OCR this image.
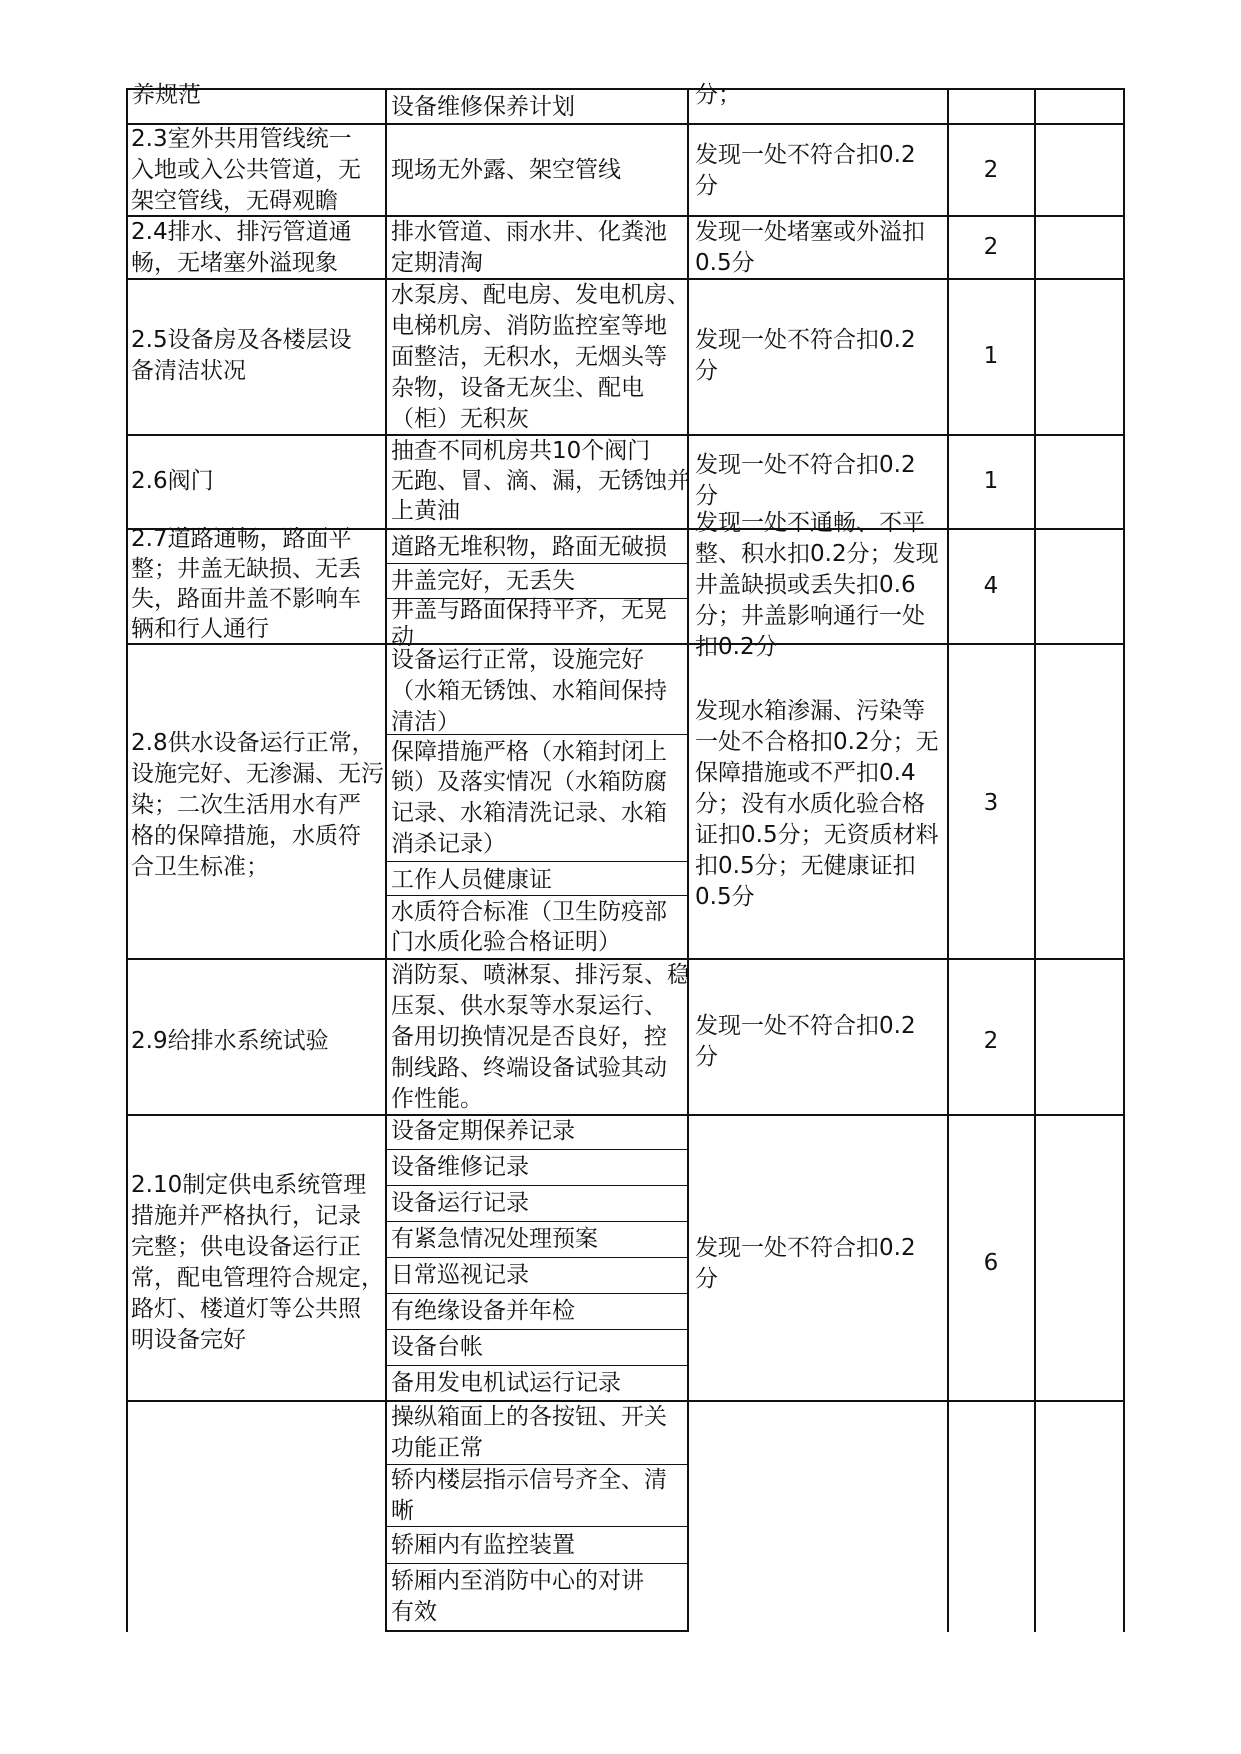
养规范	设备维修保养计划	分；
2.3室外共用管线统一
入地或入公共管道，无
架空管线，无碍观瞻
现场无外露、架空管线
发现一处不符合扣0.2
分
2
2.4排水、排污管道通
畅，无堵塞外溢现象
排水管道、雨水井、化粪池
定期清淘
发现一处堵塞或外溢扣
0.5分
2
2.5设备房及各楼层设
备清洁状况
水泵房、配电房、发电机房、
电梯机房、消防监控室等地
面整洁，无积水，无烟头等
杂物，设备无灰尘、配电
（柜）无积灰
发现一处不符合扣0.2
分
1
2.6阀门
抽查不同机房共10个阀门
无跑、冒、滴、漏，无锈蚀并
上黄油
发现一处不符合扣0.2
分
1
2.7道路通畅，路面平
整；井盖无缺损、无丢
失，路面井盖不影响车
辆和行人通行
道路无堆积物，路面无破损
井盖完好，无丢失
井盖与路面保持平齐，无晃
动
发现一处不通畅、不平
整、积水扣0.2分；发现
井盖缺损或丢失扣0.6
分；井盖影响通行一处
扣0.2分
4
2.8供水设备运行正常，
设施完好、无渗漏、无污
染；二次生活用水有严
格的保障措施，水质符
合卫生标准；
设备运行正常，设施完好
（水箱无锈蚀、水箱间保持
清洁）
保障措施严格（水箱封闭上
锁）及落实情况（水箱防腐
记录、水箱清洗记录、水箱
消杀记录）
工作人员健康证
水质符合标准（卫生防疫部
门水质化验合格证明）
发现水箱渗漏、污染等
一处不合格扣0.2分；无
保障措施或不严扣0.4
分；没有水质化验合格
证扣0.5分；无资质材料
扣0.5分；无健康证扣
0.5分
3
2.9给排水系统试验
消防泵、喷淋泵、排污泵、稳
压泵、供水泵等水泵运行、
备用切换情况是否良好，控
制线路、终端设备试验其动
作性能。
发现一处不符合扣0.2
分
2
2.10制定供电系统管理
措施并严格执行，记录
完整；供电设备运行正
常，配电管理符合规定，
路灯、楼道灯等公共照
明设备完好
设备定期保养记录
设备维修记录
设备运行记录
有紧急情况处理预案
日常巡视记录
有绝缘设备并年检
设备台帐
备用发电机试运行记录
发现一处不符合扣0.2
分
6
操纵箱面上的各按钮、开关
功能正常
轿内楼层指示信号齐全、清
晰
轿厢内有监控装置
轿厢内至消防中心的对讲
有效
